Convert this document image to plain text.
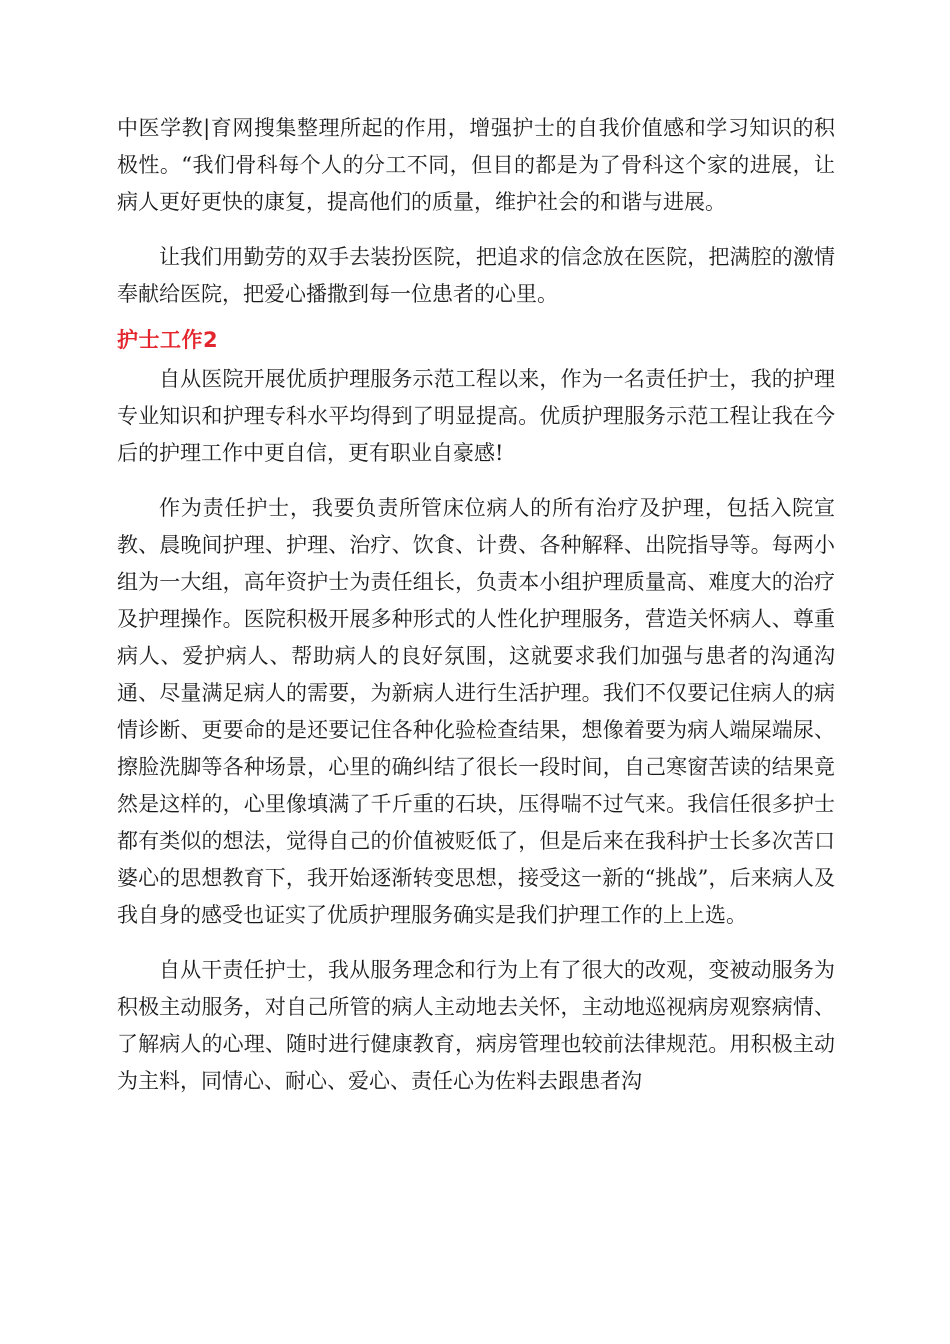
中医学教|育网搜集整理所起的作用，增强护士的自我价值感和学习知识的积极性。“我们骨科每个人的分工不同，但目的都是为了骨科这个家的进展，让病人更好更快的康复，提高他们的质量，维护社会的和谐与进展。

让我们用勤劳的双手去装扮医院，把追求的信念放在医院，把满腔的激情奉献给医院，把爱心播撒到每一位患者的心里。

护士工作2

自从医院开展优质护理服务示范工程以来，作为一名责任护士，我的护理专业知识和护理专科水平均得到了明显提高。优质护理服务示范工程让我在今后的护理工作中更自信，更有职业自豪感!

作为责任护士，我要负责所管床位病人的所有治疗及护理，包括入院宣教、晨晚间护理、护理、治疗、饮食、计费、各种解释、出院指导等。每两小组为一大组，高年资护士为责任组长，负责本小组护理质量高、难度大的治疗及护理操作。医院积极开展多种形式的人性化护理服务，营造关怀病人、尊重病人、爱护病人、帮助病人的良好氛围，这就要求我们加强与患者的沟通沟通、尽量满足病人的需要，为新病人进行生活护理。我们不仅要记住病人的病情诊断、更要命的是还要记住各种化验检查结果，想像着要为病人端屎端尿、擦脸洗脚等各种场景，心里的确纠结了很长一段时间，自己寒窗苦读的结果竟然是这样的，心里像填满了千斤重的石块，压得喘不过气来。我信任很多护士都有类似的想法，觉得自己的价值被贬低了，但是后来在我科护士长多次苦口婆心的思想教育下，我开始逐渐转变思想，接受这一新的“挑战”，后来病人及我自身的感受也证实了优质护理服务确实是我们护理工作的上上选。

自从干责任护士，我从服务理念和行为上有了很大的改观，变被动服务为积极主动服务，对自己所管的病人主动地去关怀，主动地巡视病房观察病情、了解病人的心理、随时进行健康教育，病房管理也较前法律规范。用积极主动为主料，同情心、耐心、爱心、责任心为佐料去跟患者沟
